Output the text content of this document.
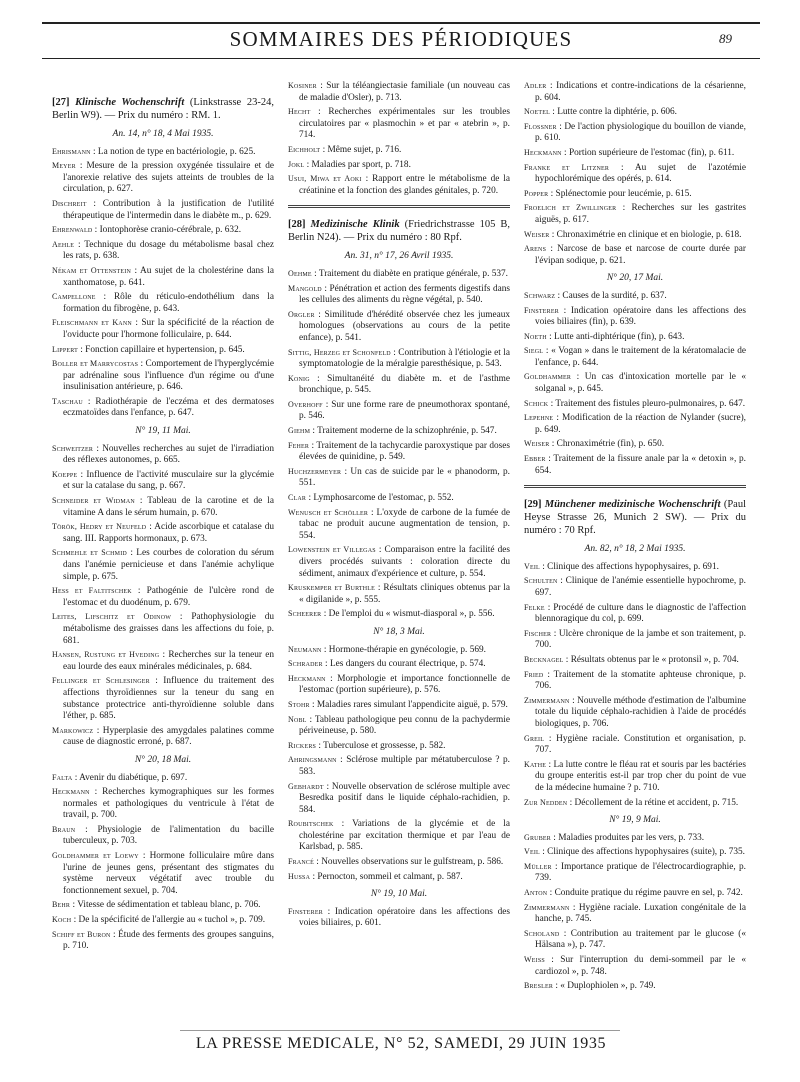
SOMMAIRES DES PÉRIODIQUES	89
[27] Klinische Wochenschrift (Linkstrasse 23-24, Berlin W9). — Prix du numéro : RM. 1.
An. 14, n° 18, 4 Mai 1935.
Ehrismann : La notion de type en bactériologie, p. 625.
Meyer : Mesure de la pression oxygénée tissulaire et de l'anorexie relative des sujets atteints de troubles de la circulation, p. 627.
Dischreit : Contribution à la justification de l'utilité thérapeutique de l'intermedin dans le diabète m., p. 629.
Ehrenwald : Iontophorèse cranio-cérébrale, p. 632.
Aehle : Technique du dosage du métabolisme basal chez les rats, p. 638.
Nékam et Ottenstein : Au sujet de la cholestérine dans la xanthomatose, p. 641.
Campellone : Rôle du réticulo-endothélium dans la formation du fibrogène, p. 643.
Fleischmann et Kann : Sur la spécificité de la réaction de l'oviducte pour l'hormone folliculaire, p. 644.
Lippert : Fonction capillaire et hypertension, p. 645.
Boller et Marrycostas : Comportement de l'hyperglycémie par adrénaline sous l'influence d'un régime ou d'une insulinisation antérieure, p. 646.
Taschau : Radiothérapie de l'eczéma et des dermatoses eczmatoïdes dans l'enfance, p. 647.
N° 19, 11 Mai.
Schweitzer : Nouvelles recherches au sujet de l'irradiation des réflexes autonomes, p. 665.
Koeppe : Influence de l'activité musculaire sur la glycémie et sur la catalase du sang, p. 667.
Schneider et Widman : Tableau de la carotine et de la vitamine A dans le sérum humain, p. 670.
Török, Hedry et Neufeld : Acide ascorbique et catalase du sang. III. Rapports hormonaux, p. 673.
Schmehle et Schmid : Les courbes de coloration du sérum dans l'anémie pernicieuse et dans l'anémie achylique simple, p. 675.
Hess et Faltitschek : Pathogénie de l'ulcère rond de l'estomac et du duodénum, p. 679.
Leites, Lifschitz et Odinow : Pathophysiologie du métabolisme des graisses dans les affections du foie, p. 681.
Hansen, Rustung et Hveding : Recherches sur la teneur en eau lourde des eaux minérales médicinales, p. 684.
Fellinger et Schlesinger : Influence du traitement des affections thyroïdiennes sur la teneur du sang en substance protectrice anti-thyroïdienne soluble dans l'éther, p. 685.
Markowicz : Hyperplasie des amygdales palatines comme cause de diagnostic erroné, p. 687.
N° 20, 18 Mai.
Falta : Avenir du diabétique, p. 697.
Heckmann : Recherches kymographiques sur les formes normales et pathologiques du ventricule à l'état de travail, p. 700.
Braun : Physiologie de l'alimentation du bacille tuberculeux, p. 703.
Goldhammer et Loewy : Hormone folliculaire mûre dans l'urine de jeunes gens, présentant des stigmates du système nerveux végétatif avec trouble du fonctionnement sexuel, p. 704.
Behr : Vitesse de sédimentation et tableau blanc, p. 706.
Koch : De la spécificité de l'allergie au « tuchol », p. 709.
Schiff et Buron : Étude des ferments des groupes sanguins, p. 710.
Kosiner : Sur la téléangiectasie familiale (un nouveau cas de maladie d'Osler), p. 713.
Hecht : Recherches expérimentales sur les troubles circulatoires par « plasmochin » et par « atebrin », p. 714.
Eichholt : Même sujet, p. 716.
Jokl : Maladies par sport, p. 718.
Usui, Miwa et Aoki : Rapport entre le métabolisme de la créatinine et la fonction des glandes génitales, p. 720.
[28] Medizinische Klinik (Friedrichstrasse 105 B, Berlin N24). — Prix du numéro : 80 Rpf.
An. 31, n° 17, 26 Avril 1935.
Oehme : Traitement du diabète en pratique générale, p. 537.
Mangold : Pénétration et action des ferments digestifs dans les cellules des aliments du règne végétal, p. 540.
Orgler : Similitude d'hérédité observée chez les jumeaux homologues (observations au cours de la petite enfance), p. 541.
Sittig, Herzeg et Schonfeld : Contribution à l'étiologie et la symptomatologie de la méralgie paresthésique, p. 543.
Konig : Simultanéité du diabète m. et de l'asthme bronchique, p. 545.
Overhoff : Sur une forme rare de pneumothorax spontané, p. 546.
Giehm : Traitement moderne de la schizophrénie, p. 547.
Feher : Traitement de la tachycardie paroxystique par doses élevées de quinidine, p. 549.
Huchzermeyer : Un cas de suicide par le « phanodorm, p. 551.
Clar : Lymphosarcome de l'estomac, p. 552.
Wenusch et Schöller : L'oxyde de carbone de la fumée de tabac ne produit aucune augmentation de tension, p. 554.
Lowenstein et Villegas : Comparaison entre la facilité des divers procédés suivants : coloration directe du sédiment, animaux d'expérience et culture, p. 554.
Kruskemper et Burthle : Résultats cliniques obtenus par la « digilanide », p. 555.
Scheerer : De l'emploi du « wismut-diasporal », p. 556.
N° 18, 3 Mai.
Neumann : Hormone-thérapie en gynécologie, p. 569.
Schrader : Les dangers du courant électrique, p. 574.
Heckmann : Morphologie et importance fonctionnelle de l'estomac (portion supérieure), p. 576.
Stohr : Maladies rares simulant l'appendicite aiguë, p. 579.
Nobl : Tableau pathologique peu connu de la pachydermie périveineuse, p. 580.
Rickers : Tuberculose et grossesse, p. 582.
Ahringsmann : Sclérose multiple par métatuberculose ? p. 583.
Gebhardt : Nouvelle observation de sclérose multiple avec Besredka positif dans le liquide céphalo-rachidien, p. 584.
Roubitschek : Variations de la glycémie et de la cholestérine par excitation thermique et par l'eau de Karlsbad, p. 585.
Francé : Nouvelles observations sur le gulfstream, p. 586.
Hussa : Pernocton, sommeil et calmant, p. 587.
N° 19, 10 Mai.
Finsterer : Indication opératoire dans les affections des voies biliaires, p. 601.
Adler : Indications et contre-indications de la césarienne, p. 604.
Noetel : Lutte contre la diphtérie, p. 606.
Flossner : De l'action physiologique du bouillon de viande, p. 610.
Heckmann : Portion supérieure de l'estomac (fin), p. 611.
Franke et Litzner : Au sujet de l'azotémie hypochlorémique des opérés, p. 614.
Popper : Splénectomie pour leucémie, p. 615.
Froelich et Zwillinger : Recherches sur les gastrites aiguës, p. 617.
Weiser : Chronaximétrie en clinique et en biologie, p. 618.
Arens : Narcose de base et narcose de courte durée par l'évipan sodique, p. 621.
N° 20, 17 Mai.
Schwarz : Causes de la surdité, p. 637.
Finsterer : Indication opératoire dans les affections des voies biliaires (fin), p. 639.
Noeth : Lutte anti-diphtérique (fin), p. 643.
Siegl : « Vogan » dans le traitement de la kératomalacie de l'enfance, p. 644.
Goldhammer : Un cas d'intoxication mortelle par le « solganal », p. 645.
Schick : Traitement des fistules pleuro-pulmonaires, p. 647.
Lepehne : Modification de la réaction de Nylander (sucre), p. 649.
Weiser : Chronaximétrie (fin), p. 650.
Ebber : Traitement de la fissure anale par la « detoxin », p. 654.
[29] Münchener medizinische Wochenschrift (Paul Heyse Strasse 26, Munich 2 SW). — Prix du numéro : 70 Rpf.
An. 82, n° 18, 2 Mai 1935.
Veil : Clinique des affections hypophysaires, p. 691.
Schulten : Clinique de l'anémie essentielle hypochrome, p. 697.
Felke : Procédé de culture dans le diagnostic de l'affection blennoragique du col, p. 699.
Fischer : Ulcère chronique de la jambe et son traitement, p. 700.
Becknagel : Résultats obtenus par le « protonsil », p. 704.
Fried : Traitement de la stomatite aphteuse chronique, p. 706.
Zimmermann : Nouvelle méthode d'estimation de l'albumine totale du liquide céphalo-rachidien à l'aide de procédés biologiques, p. 706.
Greil : Hygiène raciale. Constitution et organisation, p. 707.
Kathe : La lutte contre le fléau rat et souris par les bactéries du groupe enteritis est-il par trop cher du point de vue de la médecine humaine ? p. 710.
Zur Nedden : Décollement de la rétine et accident, p. 715.
N° 19, 9 Mai.
Gruber : Maladies produites par les vers, p. 733.
Veil : Clinique des affections hypophysaires (suite), p. 735.
Müller : Importance pratique de l'électrocardiographie, p. 739.
Anton : Conduite pratique du régime pauvre en sel, p. 742.
Zimmermann : Hygiène raciale. Luxation congénitale de la hanche, p. 745.
Scholand : Contribution au traitement par le glucose (« Hälsana »), p. 747.
Weiss : Sur l'interruption du demi-sommeil par le « cardiozol », p. 748.
Bresler : « Duplophiolen », p. 749.
LA PRESSE MEDICALE, N° 52, SAMEDI, 29 JUIN 1935
